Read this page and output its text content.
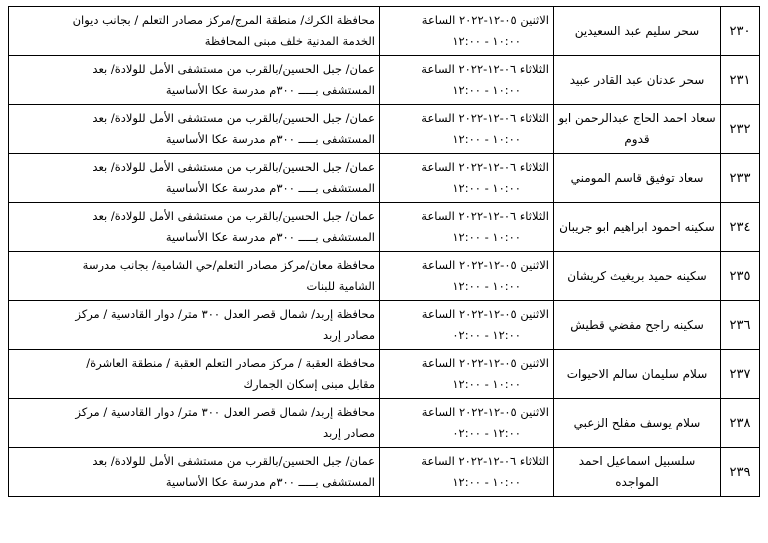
٢٣٠	سحر سليم عبد السعيدين	الاثنين ٠٥-١٢-٢٠٢٢ الساعة
١٠:٠٠ - ١٢:٠٠	محافظة الكرك/ منطقة المرج/مركز مصادر التعلم / بجانب ديوان
الخدمة المدنية خلف مبنى المحافظة

٢٣١	سحر عدنان عبد القادر عبيد	الثلاثاء ٠٦-١٢-٢٠٢٢ الساعة
١٠:٠٠ - ١٢:٠٠	عمان/ جبل الحسين/بالقرب من مستشفى الأمل للولادة/ بعد
المستشفى بـــــ ٣٠٠م مدرسة عكا الأساسية

٢٣٢	سعاد احمد الحاج عبدالرحمن ابو قدوم	الثلاثاء ٠٦-١٢-٢٠٢٢ الساعة
١٠:٠٠ - ١٢:٠٠	عمان/ جبل الحسين/بالقرب من مستشفى الأمل للولادة/ بعد
المستشفى بـــــ ٣٠٠م مدرسة عكا الأساسية

٢٣٣	سعاد توفيق قاسم المومني	الثلاثاء ٠٦-١٢-٢٠٢٢ الساعة
١٠:٠٠ - ١٢:٠٠	عمان/ جبل الحسين/بالقرب من مستشفى الأمل للولادة/ بعد
المستشفى بـــــ ٣٠٠م مدرسة عكا الأساسية

٢٣٤	سكينه احمود ابراهيم ابو جريبان	الثلاثاء ٠٦-١٢-٢٠٢٢ الساعة
١٠:٠٠ - ١٢:٠٠	عمان/ جبل الحسين/بالقرب من مستشفى الأمل للولادة/ بعد
المستشفى بـــــ ٣٠٠م مدرسة عكا الأساسية

٢٣٥	سكينه حميد بريغيث كريشان	الاثنين ٠٥-١٢-٢٠٢٢ الساعة
١٠:٠٠ - ١٢:٠٠	محافظة معان/مركز مصادر التعلم/حي الشامية/ بجانب مدرسة
الشامية للبنات

٢٣٦	سكينه راجح مفضي قطيش	الاثنين ٠٥-١٢-٢٠٢٢ الساعة
١٢:٠٠ - ٠٢:٠٠	محافظة إربد/ شمال قصر العدل ٣٠٠ متر/ دوار القادسية / مركز
مصادر إربد

٢٣٧	سلام سليمان سالم الاحيوات	الاثنين ٠٥-١٢-٢٠٢٢ الساعة
١٠:٠٠ - ١٢:٠٠	محافظة العقبة / مركز مصادر التعلم العقبة / منطقة العاشرة/
مقابل مبنى إسكان الجمارك

٢٣٨	سلام يوسف مفلح الزعبي	الاثنين ٠٥-١٢-٢٠٢٢ الساعة
١٢:٠٠ - ٠٢:٠٠	محافظة إربد/ شمال قصر العدل ٣٠٠ متر/ دوار القادسية / مركز
مصادر إربد

٢٣٩	سلسبيل اسماعيل احمد المواجده	الثلاثاء ٠٦-١٢-٢٠٢٢ الساعة
١٠:٠٠ - ١٢:٠٠	عمان/ جبل الحسين/بالقرب من مستشفى الأمل للولادة/ بعد
المستشفى بـــــ ٣٠٠م مدرسة عكا الأساسية
